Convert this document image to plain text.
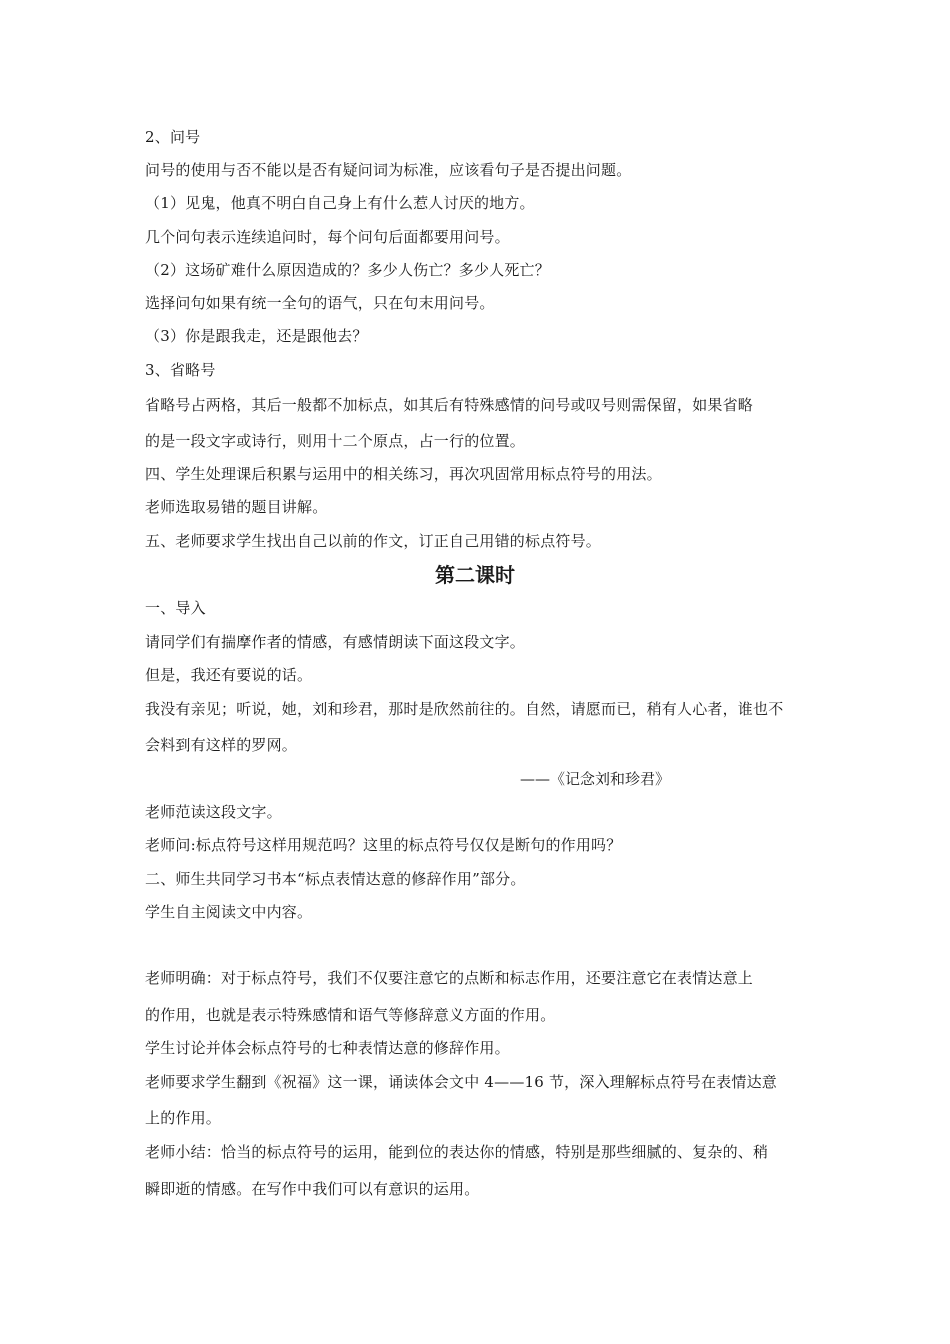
2、问号
问号的使用与否不能以是否有疑问词为标准，应该看句子是否提出问题。
（1）见鬼，他真不明白自己身上有什么惹人讨厌的地方。
几个问句表示连续追问时，每个问句后面都要用问号。
（2）这场矿难什么原因造成的？多少人伤亡？多少人死亡？
选择问句如果有统一全句的语气，只在句末用问号。
（3）你是跟我走，还是跟他去？
3、省略号
省略号占两格，其后一般都不加标点，如其后有特殊感情的问号或叹号则需保留，如果省略
的是一段文字或诗行，则用十二个原点，占一行的位置。
四、学生处理课后积累与运用中的相关练习，再次巩固常用标点符号的用法。
老师选取易错的题目讲解。
五、老师要求学生找出自己以前的作文，订正自己用错的标点符号。
第二课时
一、导入
请同学们有揣摩作者的情感，有感情朗读下面这段文字。
但是，我还有要说的话。
我没有亲见；听说，她，刘和珍君，那时是欣然前往的。自然，请愿而已，稍有人心者，谁也不
会料到有这样的罗网。
——《记念刘和珍君》
老师范读这段文字。
老师问:标点符号这样用规范吗？这里的标点符号仅仅是断句的作用吗？
二、师生共同学习书本“标点表情达意的修辞作用”部分。
学生自主阅读文中内容。
老师明确：对于标点符号，我们不仅要注意它的点断和标志作用，还要注意它在表情达意上
的作用，也就是表示特殊感情和语气等修辞意义方面的作用。
学生讨论并体会标点符号的七种表情达意的修辞作用。
老师要求学生翻到《祝福》这一课，诵读体会文中 4——16 节，深入理解标点符号在表情达意
上的作用。
老师小结：恰当的标点符号的运用，能到位的表达你的情感，特别是那些细腻的、复杂的、稍
瞬即逝的情感。在写作中我们可以有意识的运用。
